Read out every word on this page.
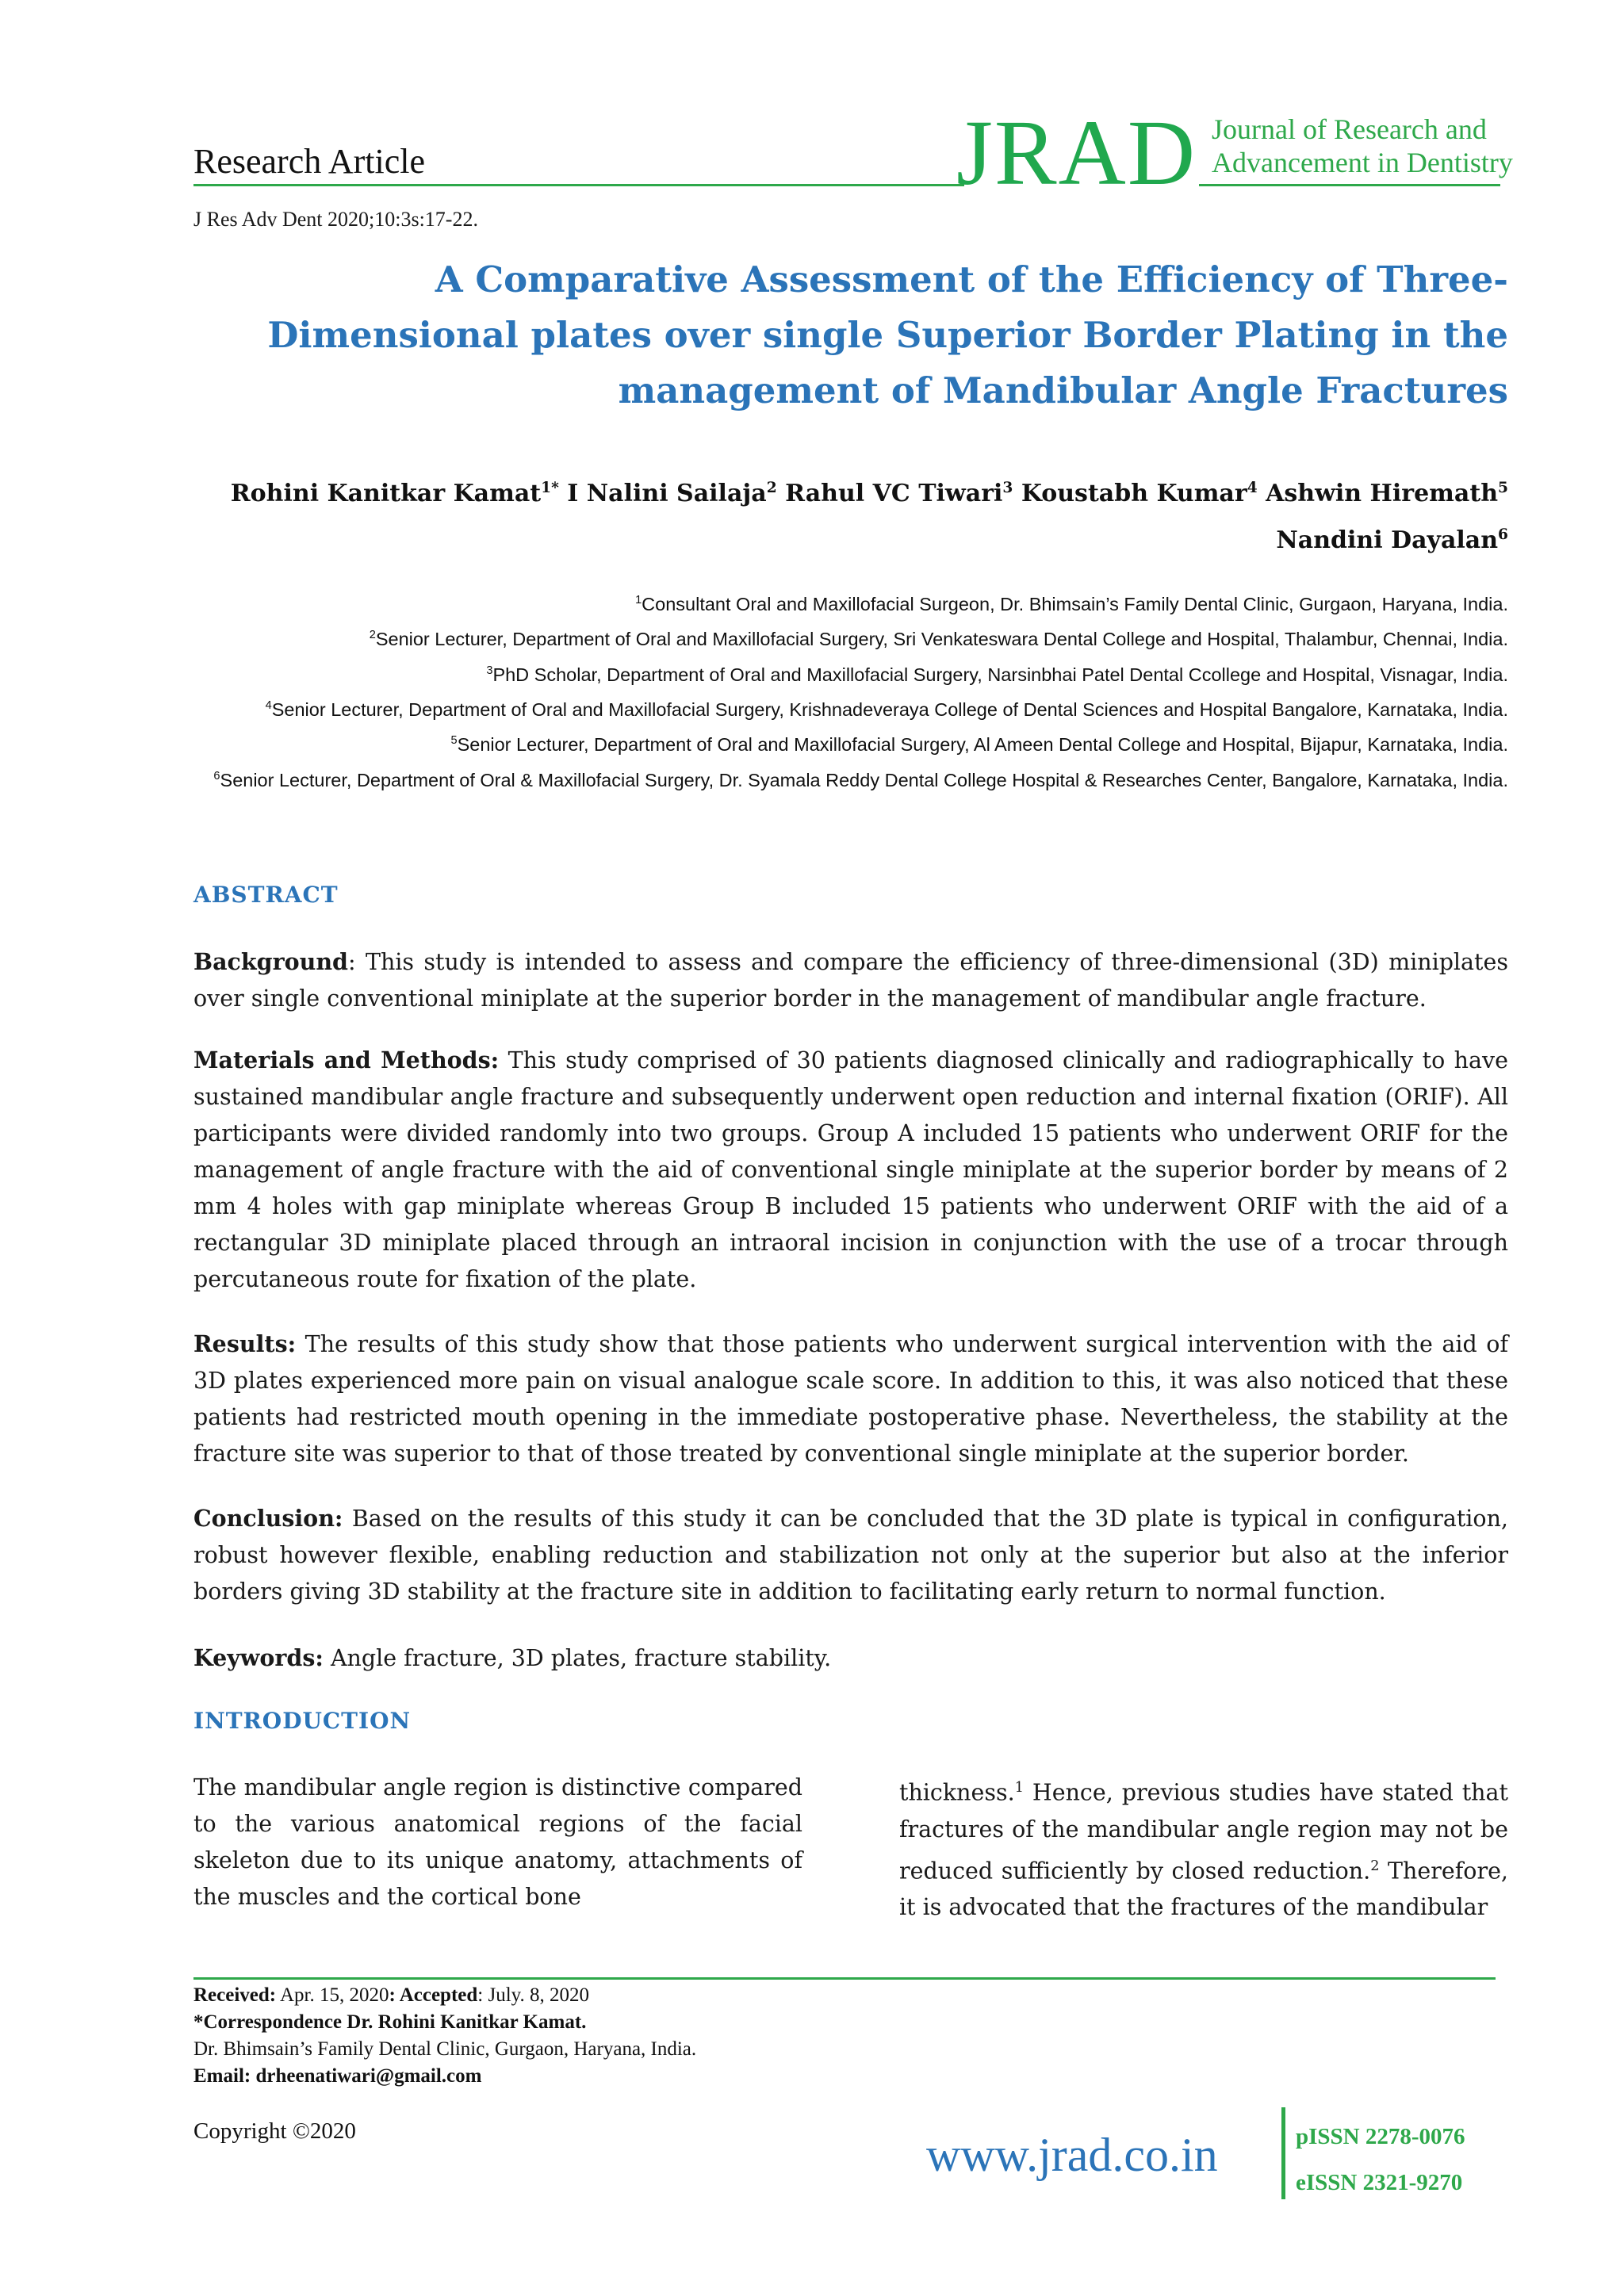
Research Article	JRAD Journal of Research and
Advancement in Dentistry
J Res Adv Dent 2020;10:3s:17-22.
A Comparative Assessment of the Efficiency of Three-
Dimensional plates over single Superior Border Plating in the
management of Mandibular Angle Fractures
Rohini Kanitkar Kamat$^{1*}$ I Nalini Sailaja$^2$ Rahul VC Tiwari$^3$ Koustabh Kumar$^4$ Ashwin Hiremath$^5$
Nandini Dayalan$^6$
$^1$Consultant Oral and Maxillofacial Surgeon, Dr. Bhimsain’s Family Dental Clinic, Gurgaon, Haryana, India.
$^2$Senior Lecturer, Department of Oral and Maxillofacial Surgery, Sri Venkateswara Dental College and Hospital, Thalambur, Chennai, India.
$^3$PhD Scholar, Department of Oral and Maxillofacial Surgery, Narsinbhai Patel Dental Ccollege and Hospital, Visnagar, India.
$^4$Senior Lecturer, Department of Oral and Maxillofacial Surgery, Krishnadeveraya College of Dental Sciences and Hospital Bangalore, Karnataka, India.
$^5$Senior Lecturer, Department of Oral and Maxillofacial Surgery, Al Ameen Dental College and Hospital, Bijapur, Karnataka, India.
$^6$Senior Lecturer, Department of Oral & Maxillofacial Surgery, Dr. Syamala Reddy Dental College Hospital & Researches Center, Bangalore, Karnataka, India.
ABSTRACT
Background: This study is intended to assess and compare the efficiency of three-dimensional (3D) miniplates over single conventional miniplate at the superior border in the management of mandibular angle fracture.
Materials and Methods: This study comprised of 30 patients diagnosed clinically and radiographically to have sustained mandibular angle fracture and subsequently underwent open reduction and internal fixation (ORIF). All participants were divided randomly into two groups. Group A included 15 patients who underwent ORIF for the management of angle fracture with the aid of conventional single miniplate at the superior border by means of 2 mm 4 holes with gap miniplate whereas Group B included 15 patients who underwent ORIF with the aid of a rectangular 3D miniplate placed through an intraoral incision in conjunction with the use of a trocar through percutaneous route for fixation of the plate.
Results: The results of this study show that those patients who underwent surgical intervention with the aid of 3D plates experienced more pain on visual analogue scale score. In addition to this, it was also noticed that these patients had restricted mouth opening in the immediate postoperative phase. Nevertheless, the stability at the fracture site was superior to that of those treated by conventional single miniplate at the superior border.
Conclusion: Based on the results of this study it can be concluded that the 3D plate is typical in configuration, robust however flexible, enabling reduction and stabilization not only at the superior but also at the inferior borders giving 3D stability at the fracture site in addition to facilitating early return to normal function.
Keywords: Angle fracture, 3D plates, fracture stability.
INTRODUCTION
The mandibular angle region is distinctive compared to the various anatomical regions of the facial skeleton due to its unique anatomy, attachments of the muscles and the cortical bone
thickness.$^1$ Hence, previous studies have stated that fractures of the mandibular angle region may not be reduced sufficiently by closed reduction.$^2$ Therefore, it is advocated that the fractures of the mandibular
Received: Apr. 15, 2020: Accepted: July. 8, 2020
*Correspondence Dr. Rohini Kanitkar Kamat.
Dr. Bhimsain’s Family Dental Clinic, Gurgaon, Haryana, India.
Email: drheenatiwari@gmail.com
Copyright ©2020	www.jrad.co.in	pISSN 2278-0076
eISSN 2321-9270
